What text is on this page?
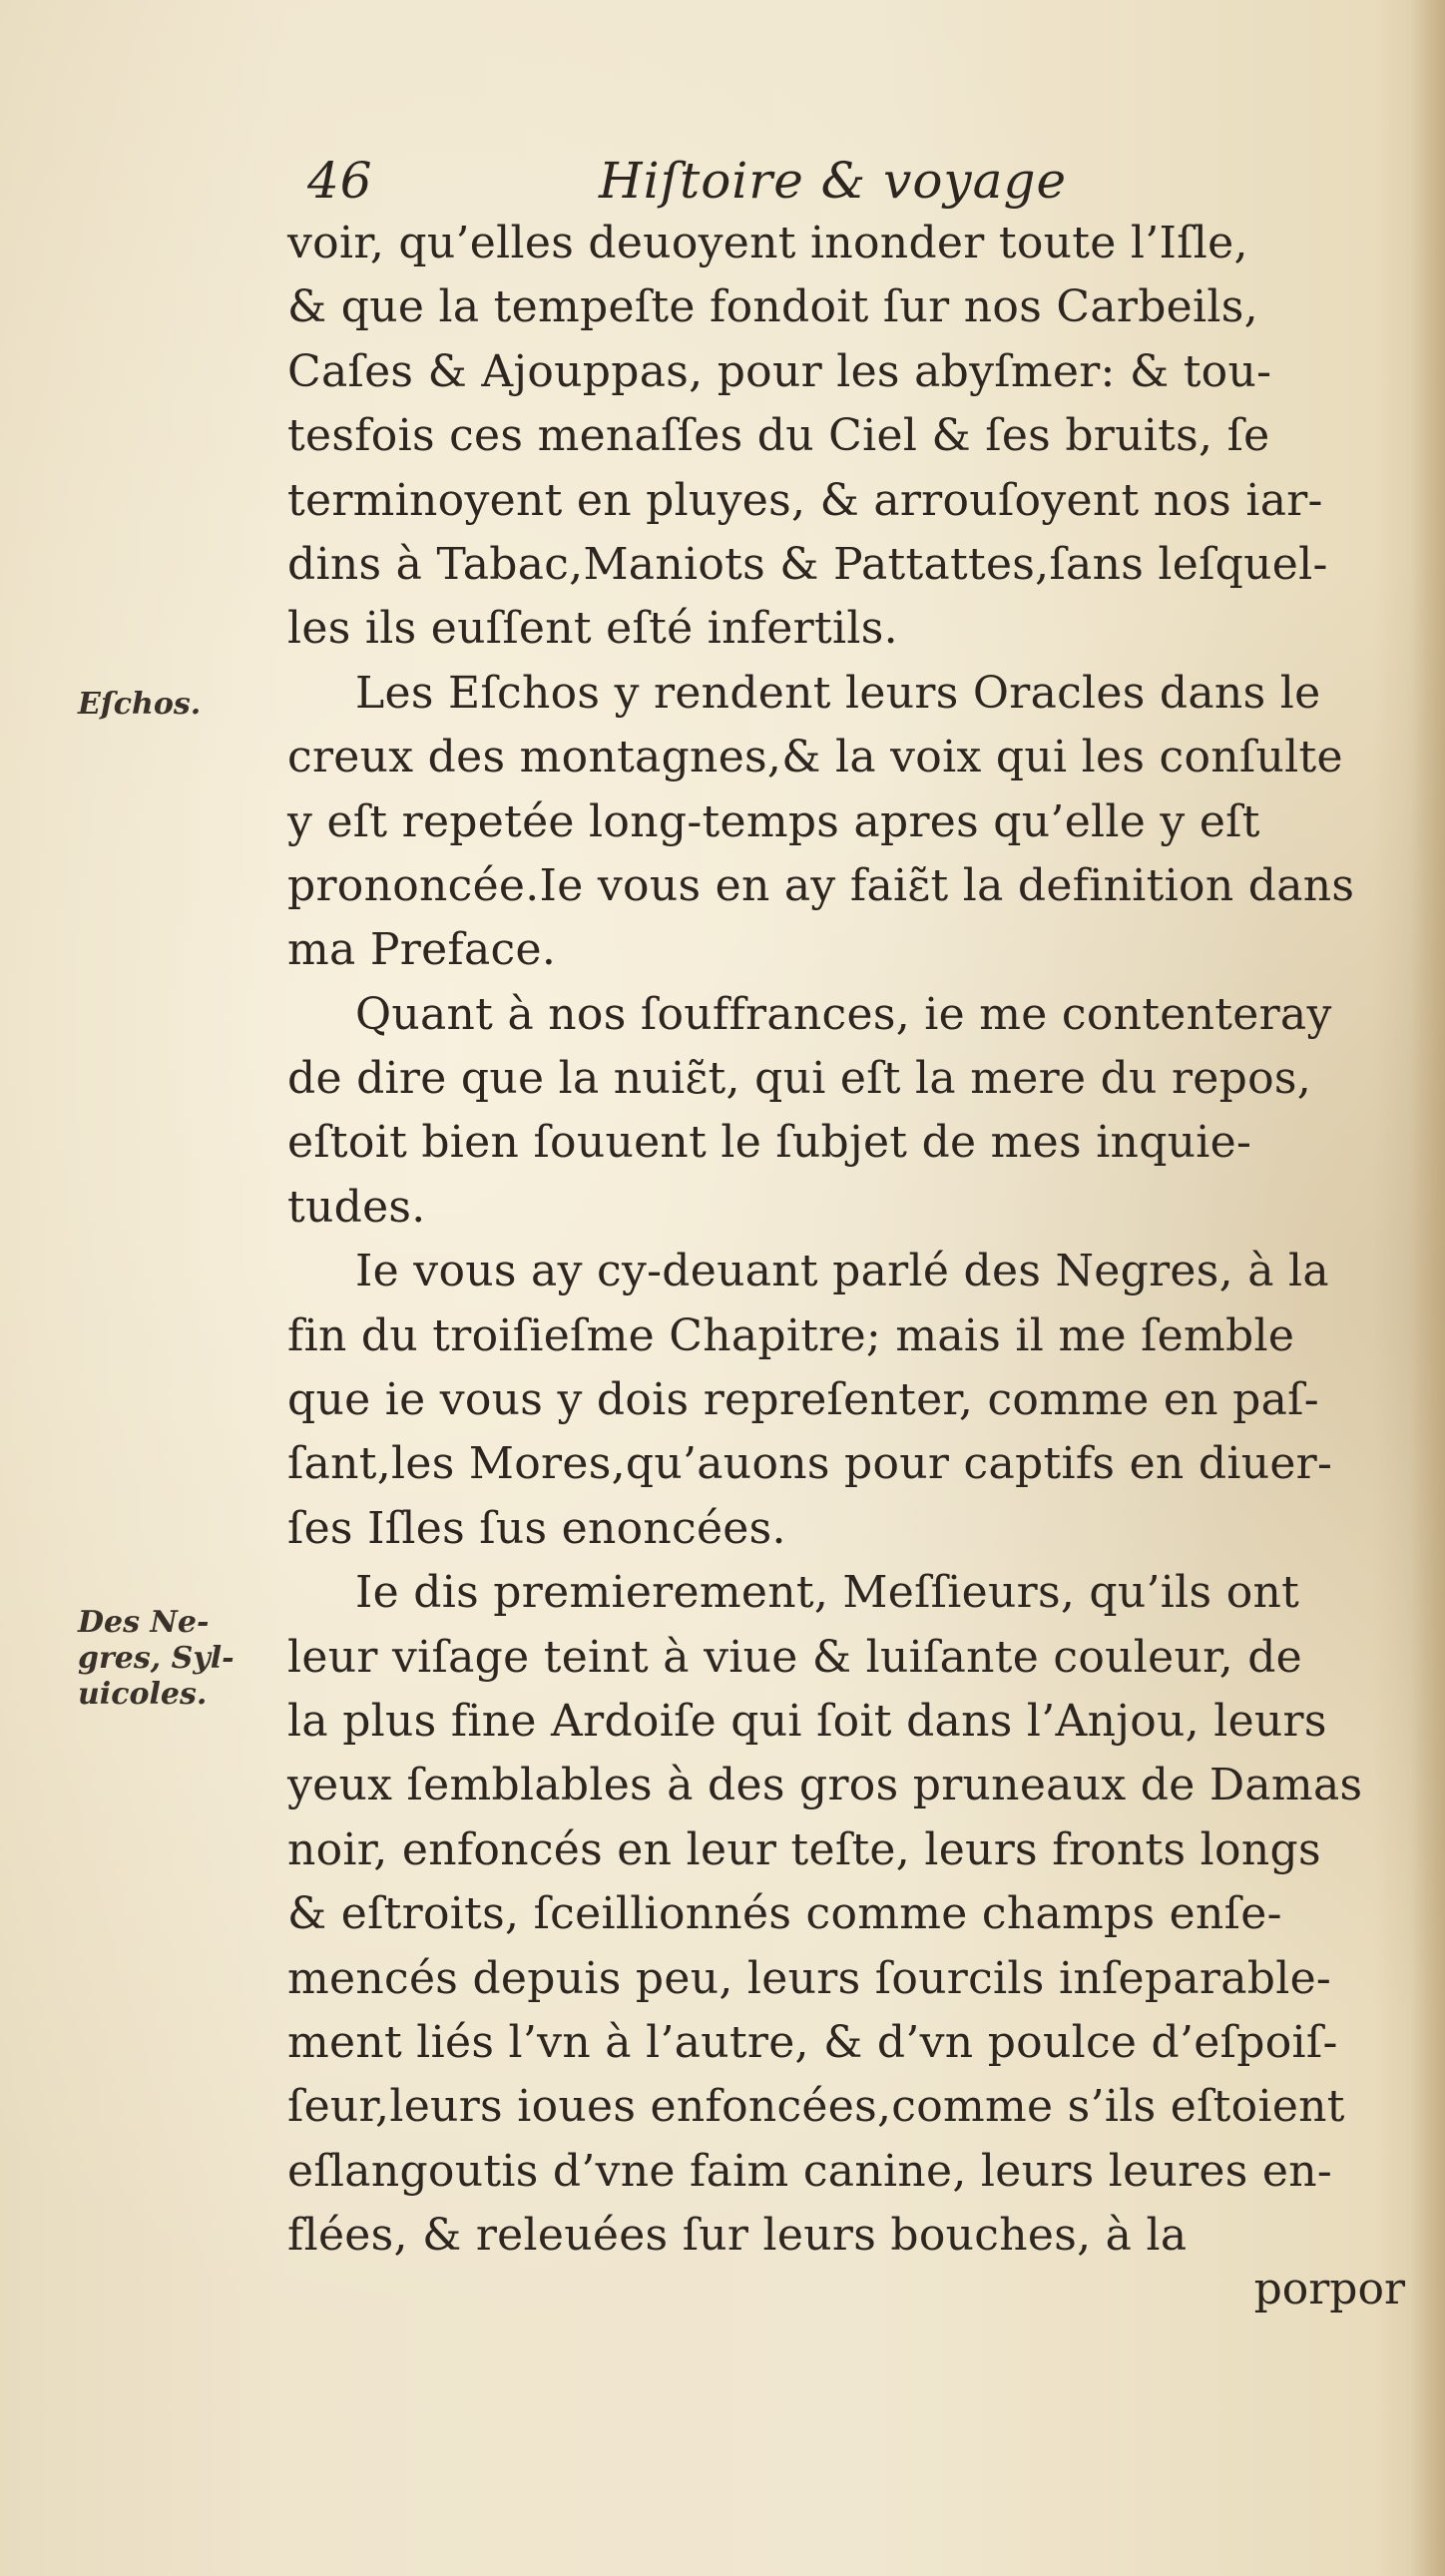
46	Hiſtoire & voyage
Eſchos.
Des Ne-
gres, Syl-
uicoles.
voir, qu’elles deuoyent inonder toute l’Iſle,
& que la tempeſte fondoit ſur nos Carbeils,
Caſes & Ajouppas, pour les abyſmer: & tou-
tesfois ces menaſſes du Ciel & ſes bruits, ſe
terminoyent en pluyes, & arrouſoyent nos iar-
dins à Tabac,Maniots & Pattattes,ſans leſquel-
les ils euſſent eſté infertils.
Les Eſchos y rendent leurs Oracles dans le
creux des montagnes,& la voix qui les conſulte
y eſt repetée long-temps apres qu’elle y eſt
prononcée.Ie vous en ay faiɛ̃t la definition dans
ma Preface.
Quant à nos ſouffrances, ie me contenteray
de dire que la nuiɛ̃t, qui eſt la mere du repos,
eſtoit bien ſouuent le ſubjet de mes inquie-
tudes.
Ie vous ay cy-deuant parlé des Negres, à la
fin du troiſieſme Chapitre; mais il me ſemble
que ie vous y dois repreſenter, comme en paſ-
ſant,les Mores,qu’auons pour captifs en diuer-
ſes Iſles ſus enoncées.
Ie dis premierement, Meſſieurs, qu’ils ont
leur viſage teint à viue & luiſante couleur, de
la plus fine Ardoiſe qui ſoit dans l’Anjou, leurs
yeux ſemblables à des gros pruneaux de Damas
noir, enfoncés en leur teſte, leurs fronts longs
& eſtroits, ſceillionnés comme champs enſe-
mencés depuis peu, leurs ſourcils inſeparable-
ment liés l’vn à l’autre, & d’vn poulce d’eſpoiſ-
ſeur,leurs ioues enfoncées,comme s’ils eſtoient
eſlangoutis d’vne faim canine, leurs leures en-
flées, & releuées ſur leurs bouches, à la
porpor
